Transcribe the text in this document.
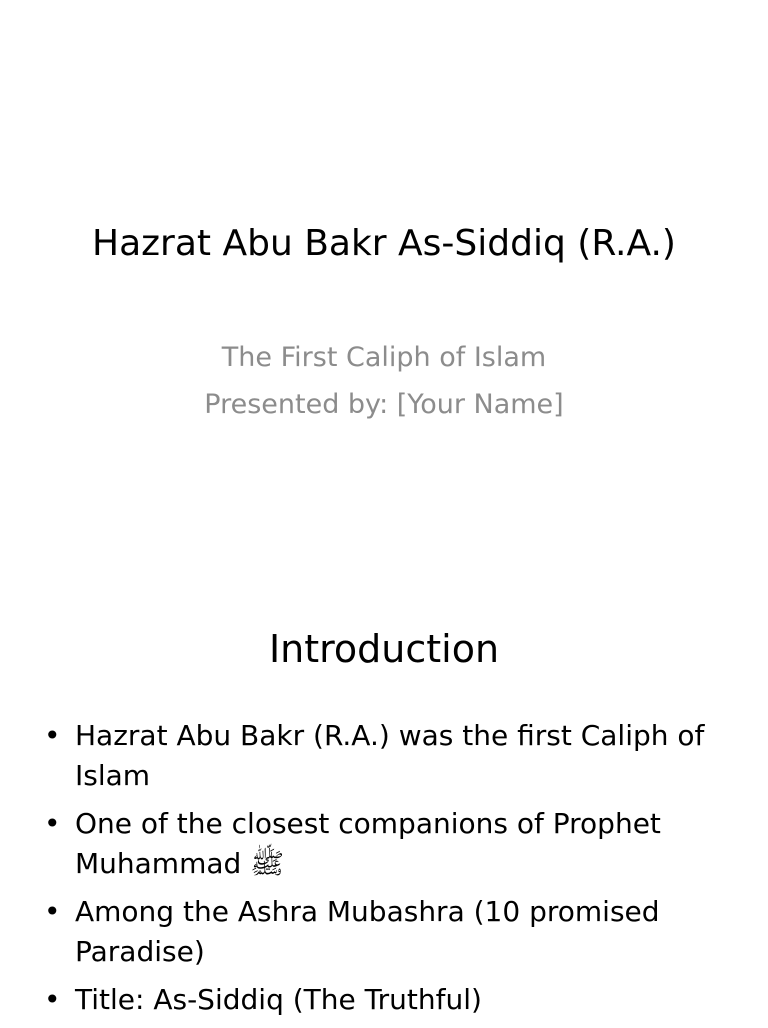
Hazrat Abu Bakr As-Siddiq (R.A.)
The First Caliph of Islam
Presented by: [Your Name]
Introduction
• Hazrat Abu Bakr (R.A.) was the first Caliph of Islam
• One of the closest companions of Prophet Muhammad ﷺ
• Among the Ashra Mubashra (10 promised Paradise)
• Title: As-Siddiq (The Truthful)
